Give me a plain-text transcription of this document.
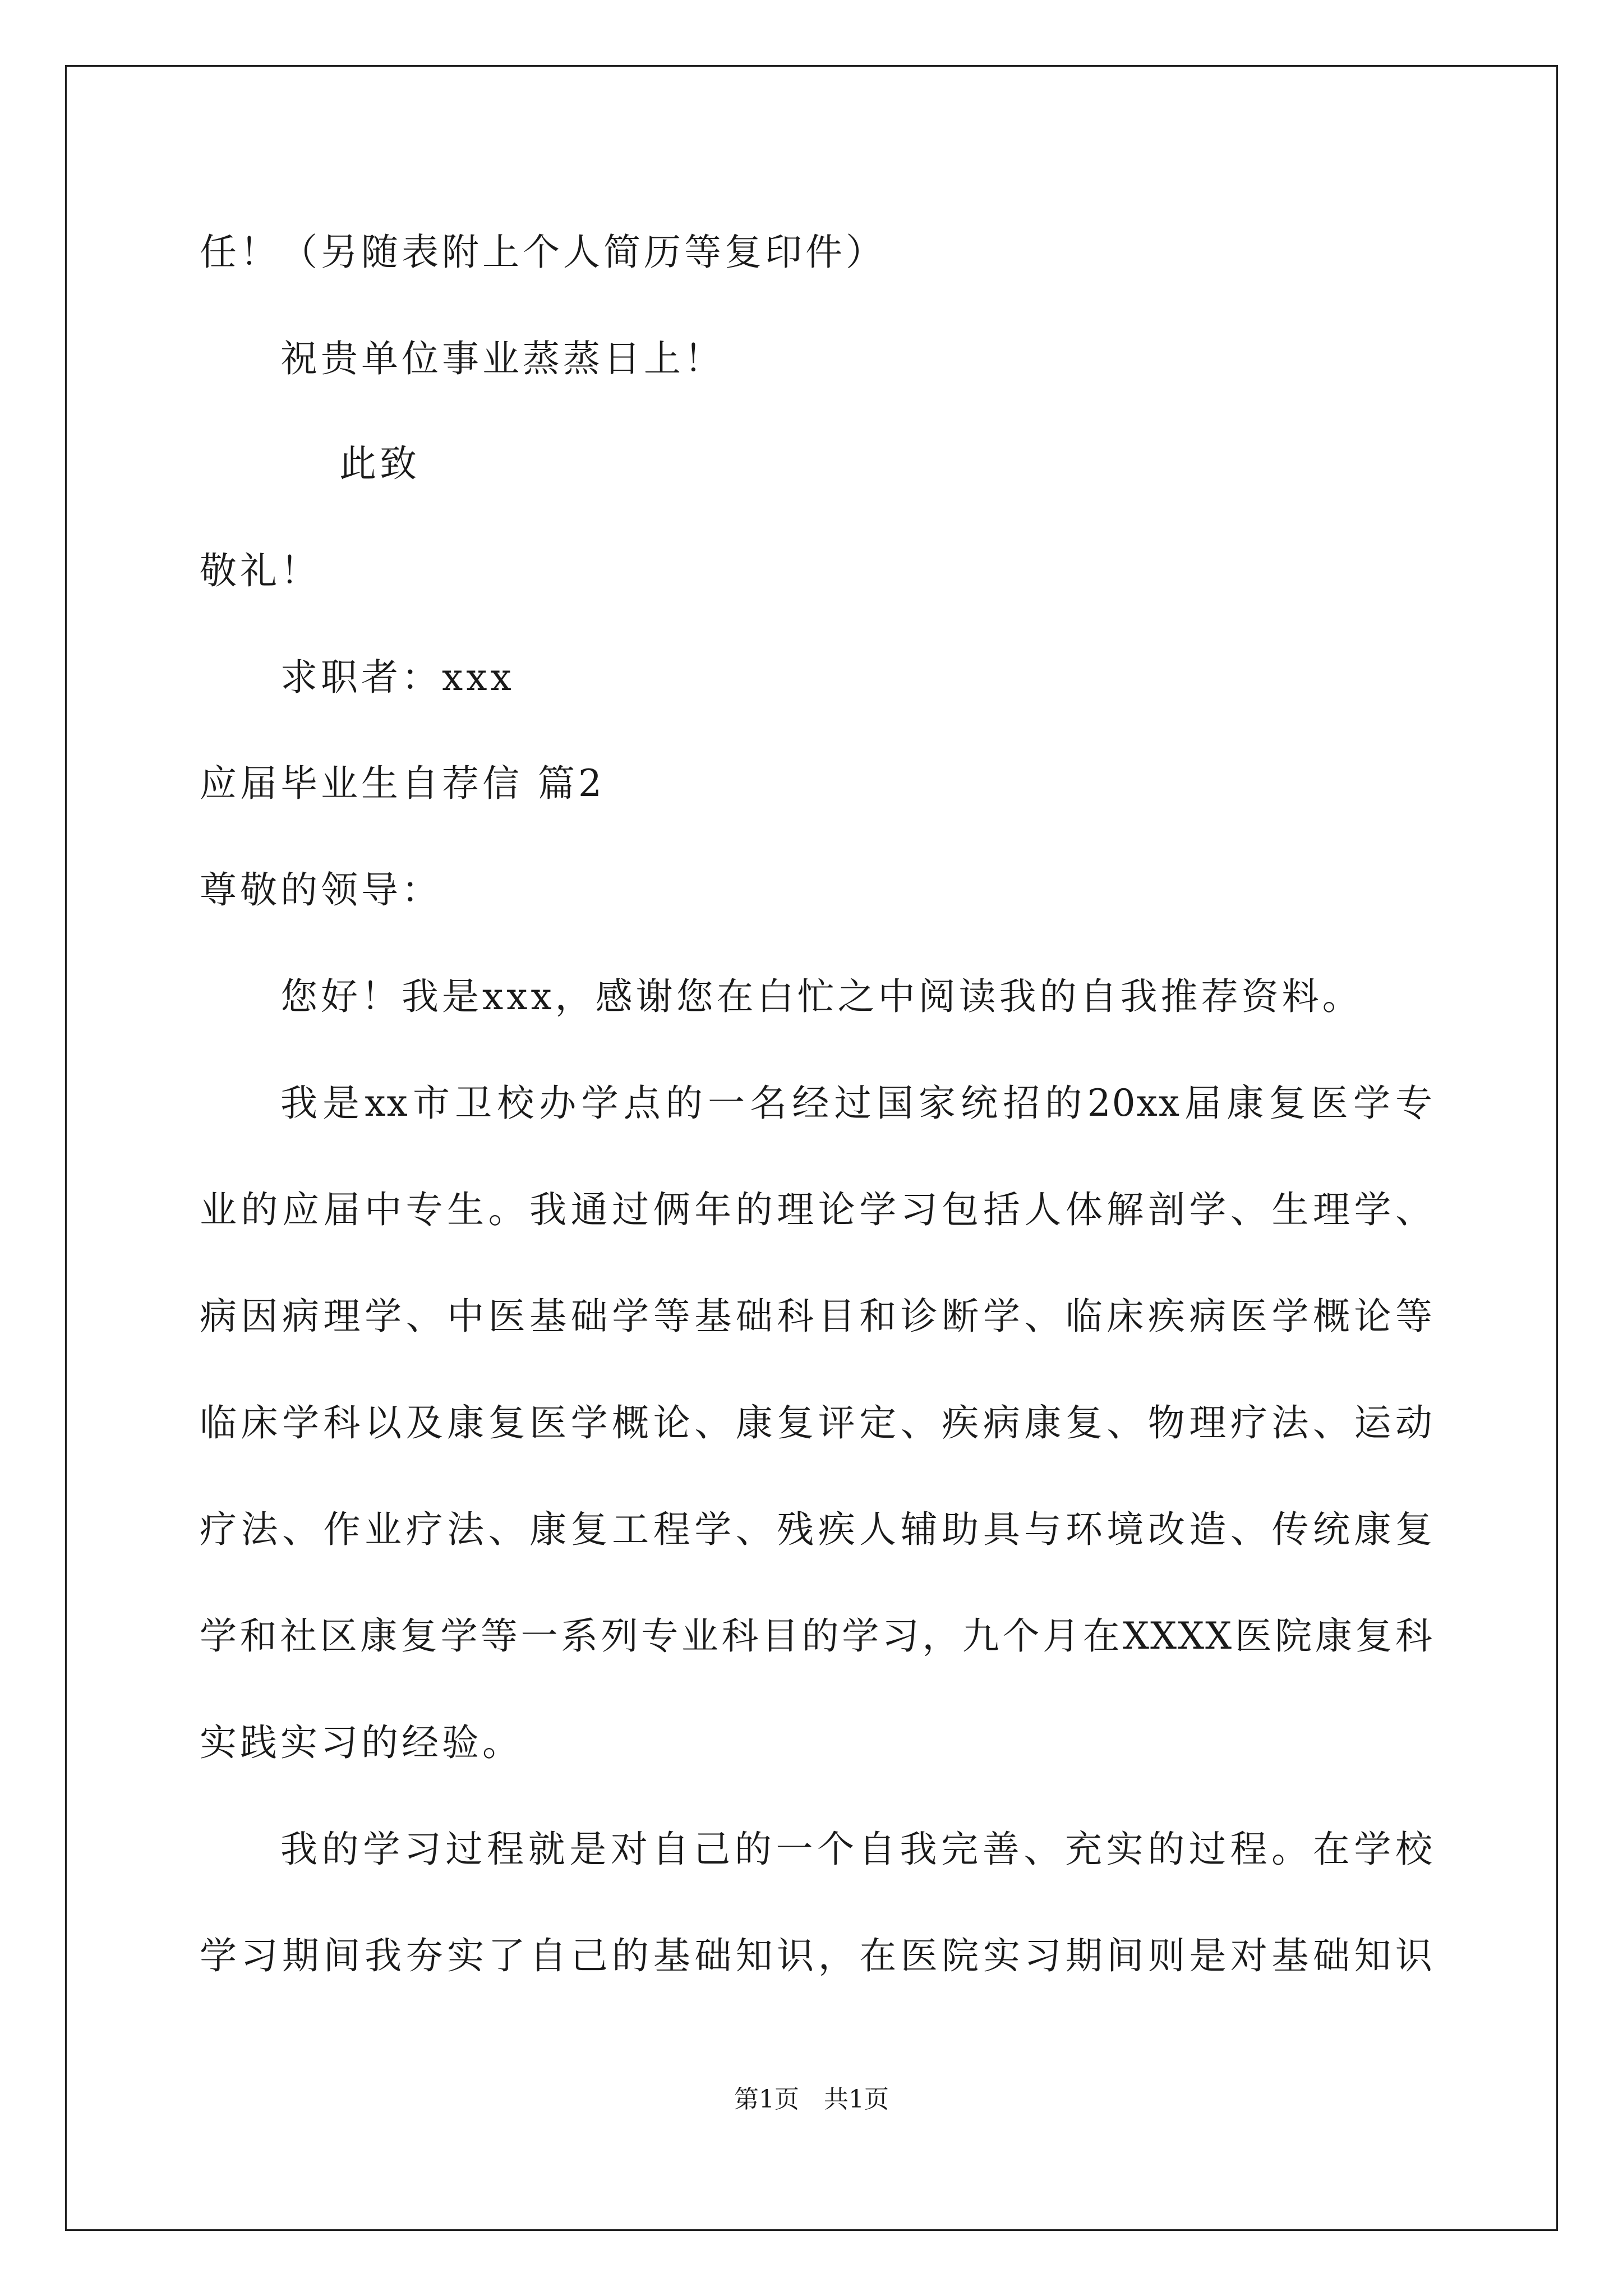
任！（另随表附上个人简历等复印件）
祝贵单位事业蒸蒸日上！
此致
敬礼！
求职者：xxx
应届毕业生自荐信 篇2
尊敬的领导：
您好！我是xxx，感谢您在白忙之中阅读我的自我推荐资料。
我是xx市卫校办学点的一名经过国家统招的20xx届康复医学专
业的应届中专生。我通过俩年的理论学习包括人体解剖学、生理学、
病因病理学、中医基础学等基础科目和诊断学、临床疾病医学概论等
临床学科以及康复医学概论、康复评定、疾病康复、物理疗法、运动
疗法、作业疗法、康复工程学、残疾人辅助具与环境改造、传统康复
学和社区康复学等一系列专业科目的学习，九个月在XXXX医院康复科
实践实习的经验。
我的学习过程就是对自己的一个自我完善、充实的过程。在学校
学习期间我夯实了自己的基础知识，在医院实习期间则是对基础知识
第1页 共1页
